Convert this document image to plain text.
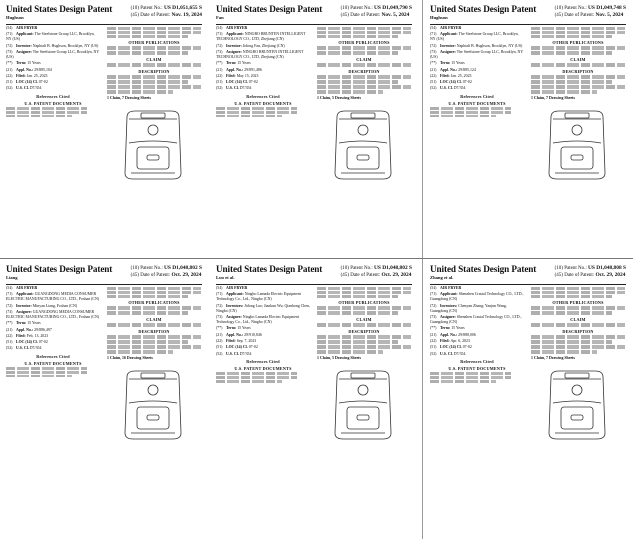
United States Design Patent
Hughson
(10) Patent No.: US D1,051,655 S
(45) Date of Patent: Nov. 19, 2024
(54) AIR FRYER
(71) Applicant: The Steelstone Group LLC, Brooklyn, NY (US)
(72) Inventor: Naphtali B. Hughson, Brooklyn, NY (US)
(73) Assignee: The Steelstone Group LLC, Brooklyn, NY (US)
(**) Term: 15 Years
(21) Appl. No.: 29/885,104
(22) Filed: Jan. 25, 2023
(51) LOC (14) Cl. 07-02
(52) U.S. Cl. D7/354
References Cited
U.S. PATENT DOCUMENTS
OTHER PUBLICATIONS
CLAIM
DESCRIPTION
1 Claim, 7 Drawing Sheets
United States Design Patent
Fan
(10) Patent No.: US D1,049,790 S
(45) Date of Patent: Nov. 5, 2024
(54) AIR FRYER
(71) Applicant: NINGBO BRUNTEN INTELLIGENT TECHNOLOGY CO., LTD, Zhejiang (CN)
(72) Inventor: Jidong Fan, Zhejiang (CN)
(73) Assignee: NINGBO BRUNTEN INTELLIGENT TECHNOLOGY CO., LTD, Zhejiang (CN)
(**) Term: 15 Years
(21) Appl. No.: 29/891,486
(22) Filed: May 15, 2023
(51) LOC (14) Cl. 07-02
(52) U.S. Cl. D7/354
References Cited
U.S. PATENT DOCUMENTS
OTHER PUBLICATIONS
CLAIM
DESCRIPTION
1 Claim, 5 Drawing Sheets
United States Design Patent
Hughson
(10) Patent No.: US D1,049,748 S
(45) Date of Patent: Nov. 5, 2024
(54) AIR FRYER
(71) Applicant: The Steelstone Group LLC, Brooklyn, NY (US)
(72) Inventor: Naphtali B. Hughson, Brooklyn, NY (US)
(73) Assignee: The Steelstone Group LLC, Brooklyn, NY (US)
(**) Term: 15 Years
(21) Appl. No.: 29/885,124
(22) Filed: Jan. 25, 2023
(51) LOC (14) Cl. 07-02
(52) U.S. Cl. D7/354
References Cited
U.S. PATENT DOCUMENTS
OTHER PUBLICATIONS
CLAIM
DESCRIPTION
1 Claim, 7 Drawing Sheets
United States Design Patent
Liang
(10) Patent No.: US D1,048,802 S
(45) Date of Patent: Oct. 29, 2024
(54) AIR FRYER
(71) Applicant: GUANGDONG MEDIA CONSUMER ELECTRIC MANUFACTURING CO., LTD., Foshan (CN)
(72) Inventor: Minyan Liang, Foshan (CN)
(73) Assignee: GUANGDONG MEDIA CONSUMER ELECTRIC MANUFACTURING CO., LTD., Foshan (CN)
(**) Term: 15 Years
(21) Appl. No.: 29/886,497
(22) Filed: Feb. 13, 2023
(51) LOC (14) Cl. 07-02
(52) U.S. Cl. D7/354
References Cited
U.S. PATENT DOCUMENTS
OTHER PUBLICATIONS
CLAIM
DESCRIPTION
1 Claim, 16 Drawing Sheets
United States Design Patent
Luo et al.
(10) Patent No.: US D1,048,802 S
(45) Date of Patent: Oct. 29, 2024
(54) AIR FRYER
(71) Applicant: Ningbo Lamada Electric Equipment Technology Co., Ltd., Ningbo (CN)
(72) Inventors: Jidong Luo; Jiankun Wu; Qianhong Chen, Ningbo (CN)
(73) Assignee: Ningbo Lamada Electric Equipment Technology Co., Ltd., Ningbo (CN)
(**) Term: 15 Years
(21) Appl. No.: 29/910,846
(22) Filed: Sep. 7, 2023
(51) LOC (14) Cl. 07-02
(52) U.S. Cl. D7/354
References Cited
U.S. PATENT DOCUMENTS
OTHER PUBLICATIONS
CLAIM
DESCRIPTION
1 Claim, 5 Drawing Sheets
United States Design Patent
Zhang et al.
(10) Patent No.: US D1,048,808 S
(45) Date of Patent: Oct. 29, 2024
(54) AIR FRYER
(71) Applicant: Shenzhen Crastal Technology CO., LTD., Guangdong (CN)
(72) Inventors: Chenyan Zhang; Yanjun Wang, Guangdong (CN)
(73) Assignee: Shenzhen Crastal Technology CO., LTD., Guangdong (CN)
(**) Term: 15 Years
(21) Appl. No.: 29/888,006
(22) Filed: Apr. 6, 2023
(51) LOC (14) Cl. 07-02
(52) U.S. Cl. D7/354
References Cited
U.S. PATENT DOCUMENTS
OTHER PUBLICATIONS
CLAIM
DESCRIPTION
1 Claim, 7 Drawing Sheets
